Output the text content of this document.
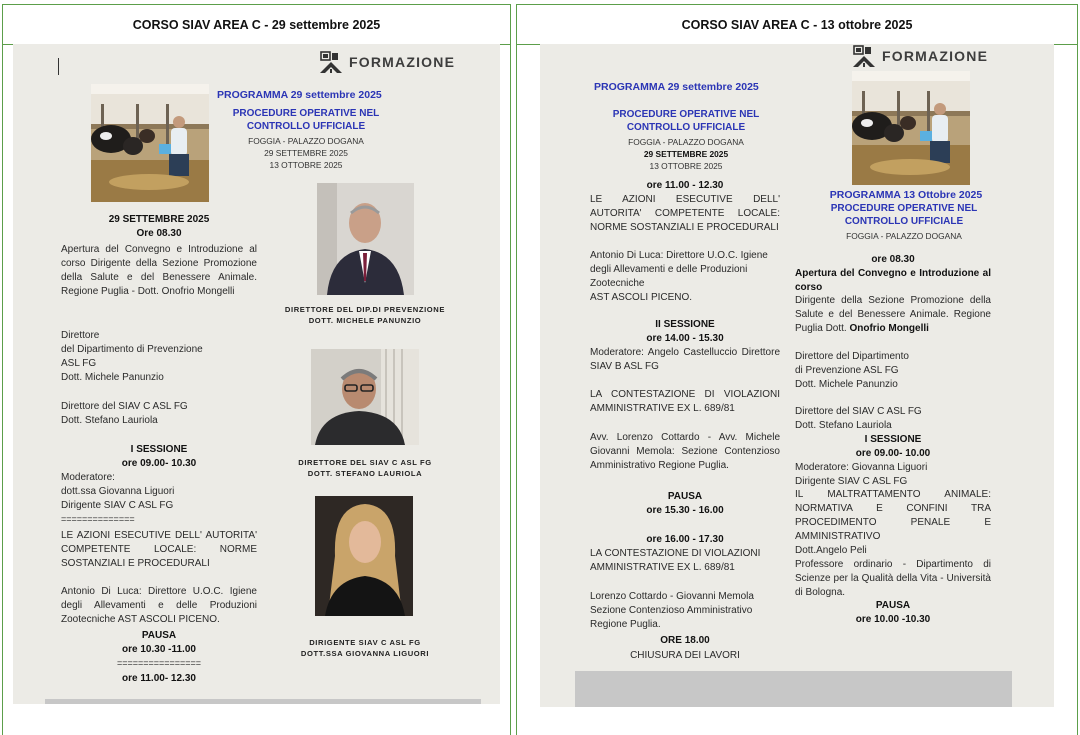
CORSO SIAV AREA C - 29 settembre 2025
FORMAZIONE
PROGRAMMA 29 settembre 2025
PROCEDURE OPERATIVE NEL
CONTROLLO UFFICIALE
FOGGIA - PALAZZO DOGANA
29 SETTEMBRE 2025
13 OTTOBRE 2025
29 SETTEMBRE 2025
Ore 08.30
Apertura del Convegno e Introduzione al corso Dirigente della Sezione Promozione della Salute e del Benessere Animale. Regione Puglia - Dott. Onofrio Mongelli
Direttore
del Dipartimento di Prevenzione
ASL FG
Dott. Michele Panunzio
Direttore del SIAV C ASL FG
Dott. Stefano Lauriola
I SESSIONE
ore 09.00- 10.30
Moderatore:
dott.ssa Giovanna Liguori
Dirigente SIAV C ASL FG
==============
LE AZIONI ESECUTIVE DELL' AUTORITA' COMPETENTE LOCALE: NORME SOSTANZIALI E PROCEDURALI
Antonio Di Luca: Direttore U.O.C. Igiene degli Allevamenti e delle Produzioni Zootecniche AST ASCOLI PICENO.
PAUSA
ore 10.30 -11.00
================
ore 11.00- 12.30
DIRETTORE DEL DIP.DI PREVENZIONE
DOTT. MICHELE PANUNZIO
DIRETTORE DEL SIAV C ASL FG
DOTT. STEFANO LAURIOLA
DIRIGENTE SIAV C ASL FG
DOTT.SSA GIOVANNA LIGUORI
CORSO SIAV AREA C - 13 ottobre 2025
FORMAZIONE
PROGRAMMA 29 settembre 2025
PROCEDURE OPERATIVE NEL
CONTROLLO UFFICIALE
FOGGIA - PALAZZO DOGANA
29 SETTEMBRE 2025
13 OTTOBRE 2025
ore 11.00 - 12.30
LE AZIONI ESECUTIVE DELL' AUTORITA' COMPETENTE LOCALE: NORME SOSTANZIALI E PROCEDURALI
Antonio Di Luca: Direttore U.O.C. Igiene degli Allevamenti e delle Produzioni Zootecniche
AST ASCOLI PICENO.
II SESSIONE
ore 14.00 - 15.30
Moderatore: Angelo Castelluccio Direttore SIAV B ASL FG
LA CONTESTAZIONE DI VIOLAZIONI AMMINISTRATIVE EX L. 689/81
Avv. Lorenzo Cottardo - Avv. Michele Giovanni Memola: Sezione Contenzioso Amministrativo Regione Puglia.
PAUSA
ore 15.30 - 16.00
ore 16.00 - 17.30
LA CONTESTAZIONE DI VIOLAZIONI AMMINISTRATIVE EX L. 689/81
Lorenzo Cottardo - Giovanni Memola Sezione Contenzioso Amministrativo Regione Puglia.
ORE 18.00
CHIUSURA DEI LAVORI
PROGRAMMA 13 Ottobre 2025
PROCEDURE OPERATIVE NEL
CONTROLLO UFFICIALE
FOGGIA - PALAZZO DOGANA
ore 08.30
Apertura del Convegno e Introduzione al corso
Dirigente della Sezione Promozione della Salute e del Benessere Animale. Regione Puglia Dott. Onofrio Mongelli
Direttore del Dipartimento
di Prevenzione ASL FG
Dott. Michele Panunzio
Direttore del SIAV C ASL FG
Dott. Stefano Lauriola
I SESSIONE
ore 09.00- 10.00
Moderatore: Giovanna Liguori
Dirigente SIAV C ASL FG
IL MALTRATTAMENTO ANIMALE: NORMATIVA E CONFINI TRA PROCEDIMENTO PENALE E AMMINISTRATIVO
Dott.Angelo Peli
Professore ordinario - Dipartimento di Scienze per la Qualità della Vita - Università di Bologna.
PAUSA
ore 10.00 -10.30
